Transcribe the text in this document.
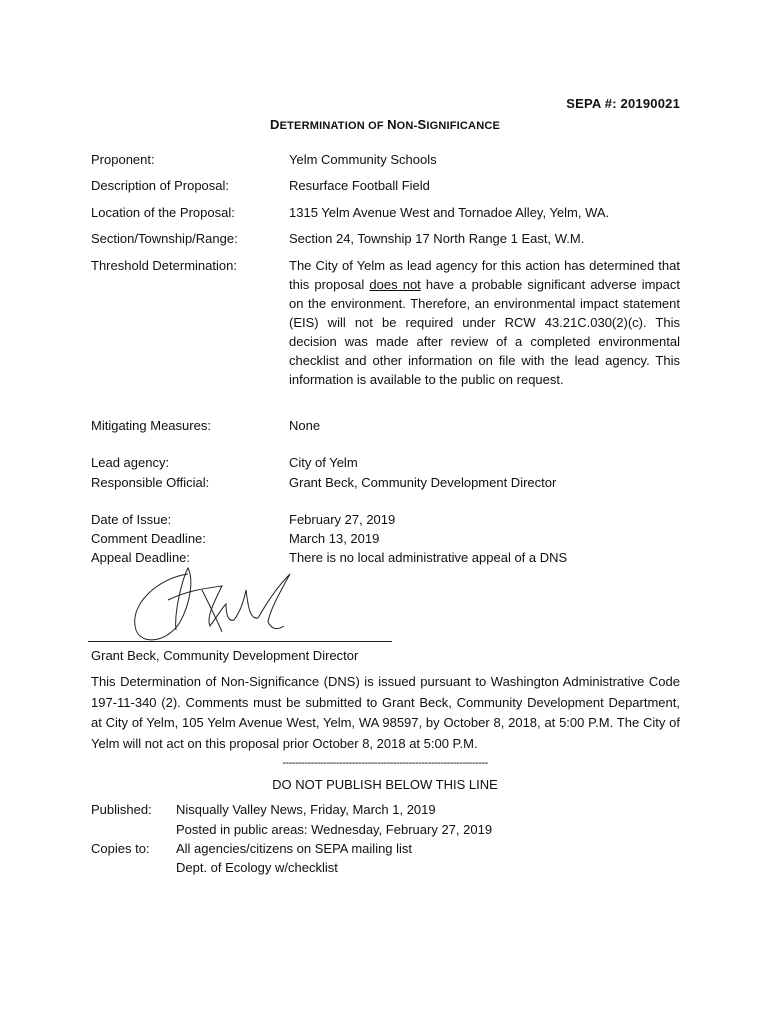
SEPA #: 20190021
DETERMINATION OF NON-SIGNIFICANCE
Proponent:	Yelm Community Schools
Description of Proposal:	Resurface Football Field
Location of the Proposal:	1315 Yelm Avenue West and Tornadoe Alley, Yelm, WA.
Section/Township/Range:	Section 24, Township 17 North Range 1 East, W.M.
Threshold Determination:	The City of Yelm as lead agency for this action has determined that this proposal does not have a probable significant adverse impact on the environment. Therefore, an environmental impact statement (EIS) will not be required under RCW 43.21C.030(2)(c). This decision was made after review of a completed environmental checklist and other information on file with the lead agency. This information is available to the public on request.
Mitigating Measures:	None
Lead agency:	City of Yelm
Responsible Official:	Grant Beck, Community Development Director
Date of Issue:	February 27, 2019
Comment Deadline:	March 13, 2019
Appeal Deadline:	There is no local administrative appeal of a DNS
Grant Beck, Community Development Director
This Determination of Non-Significance (DNS) is issued pursuant to Washington Administrative Code 197-11-340 (2). Comments must be submitted to Grant Beck, Community Development Department, at City of Yelm, 105 Yelm Avenue West, Yelm, WA 98597, by October 8, 2018, at 5:00 P.M. The City of Yelm will not act on this proposal prior October 8, 2018 at 5:00 P.M.
-----------------------------------------------------------------
DO NOT PUBLISH BELOW THIS LINE
Published: Nisqually Valley News, Friday, March 1, 2019
Posted in public areas: Wednesday, February 27, 2019
Copies to: All agencies/citizens on SEPA mailing list
Dept. of Ecology w/checklist
